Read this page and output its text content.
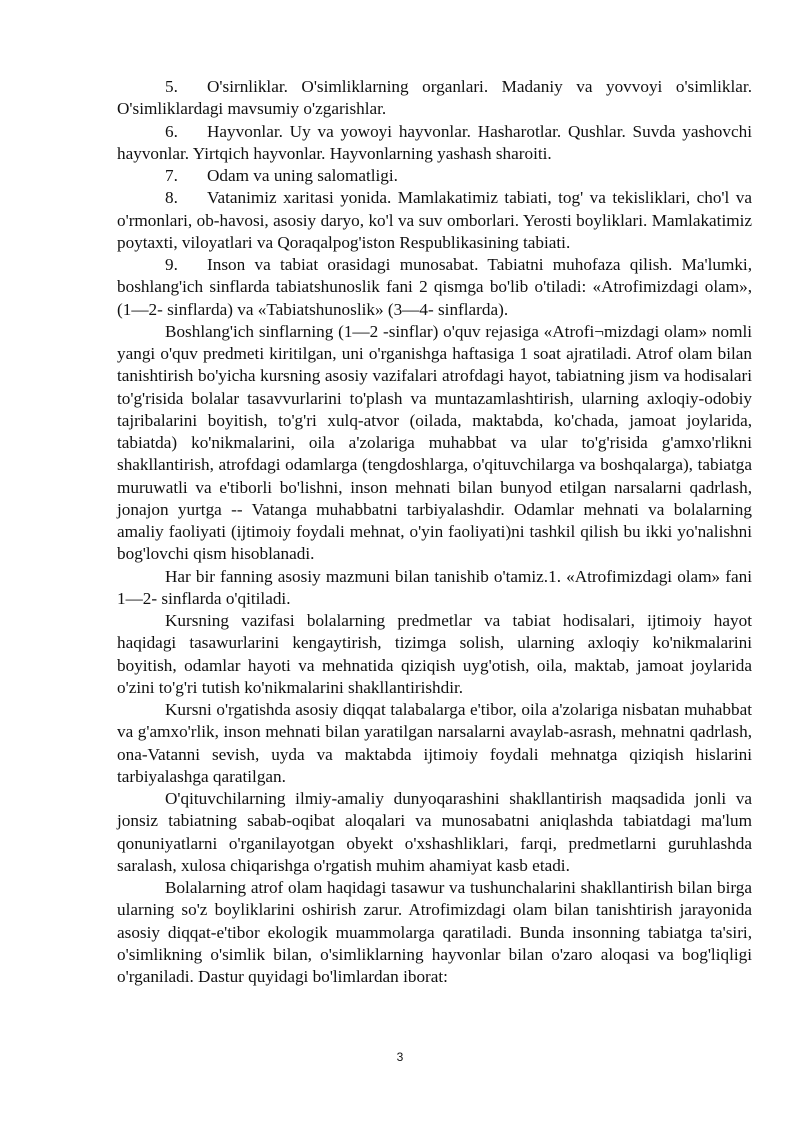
5. O'sirnliklar. O'simliklarning organlari. Madaniy va yovvoyi o'simliklar. O'simliklardagi mavsumiy o'zgarishlar.

6. Hayvonlar. Uy va yowoyi hayvonlar. Hasharotlar. Qushlar. Suvda yashovchi hayvonlar. Yirtqich hayvonlar. Hayvonlarning yashash sharoiti.

7. Odam va uning salomatligi.

8. Vatanimiz xaritasi yonida. Mamlakatimiz tabiati, tog' va tekisliklari, cho'l va o'rmonlari, ob-havosi, asosiy daryo, ko'l va suv omborlari. Yerosti boyliklari. Mamlakatimiz poytaxti, viloyatlari va Qoraqalpog'iston Respublikasining tabiati.

9. Inson va tabiat orasidagi munosabat. Tabiatni muhofaza qilish. Ma'lumki, boshlang'ich sinflarda tabiatshunoslik fani 2 qismga bo'lib o'tiladi: «Atrofimizdagi olam», (1—2- sinflarda) va «Tabiatshunoslik» (3—4- sinflarda).

Boshlang'ich sinflarning (1—2 -sinflar) o'quv rejasiga «Atrofi¬mizdagi olam» nomli yangi o'quv predmeti kiritilgan, uni o'rganishga haftasiga 1 soat ajratiladi. Atrof olam bilan tanishtirish bo'yicha kursning asosiy vazifalari atrofdagi hayot, tabiatning jism va hodisalari to'g'risida bolalar tasavvurlarini to'plash va muntazamlashtirish, ularning axloqiy-odobiy tajribalarini boyitish, to'g'ri xulq-atvor (oilada, maktabda, ko'chada, jamoat joylarida, tabiatda) ko'nikmalarini, oila a'zolariga muhabbat va ular to'g'risida g'amxo'rlikni shakllantirish, atrofdagi odamlarga (tengdoshlarga, o'qituvchilarga va boshqalarga), tabiatga muruwatli va e'tiborli bo'lishni, inson mehnati bilan bunyod etilgan narsalarni qadrlash, jonajon yurtga -- Vatanga muhabbatni tarbiyalashdir. Odamlar mehnati va bolalarning amaliy faoliyati (ijtimoiy foydali mehnat, o'yin faoliyati)ni tashkil qilish bu ikki yo'nalishni bog'lovchi qism hisoblanadi.

Har bir fanning asosiy mazmuni bilan tanishib o'tamiz.1. «Atrofimizdagi olam» fani 1—2- sinflarda o'qitiladi.

Kursning vazifasi bolalarning predmetlar va tabiat hodisalari, ijtimoiy hayot haqidagi tasawurlarini kengaytirish, tizimga solish, ularning axloqiy ko'nikmalarini boyitish, odamlar hayoti va mehnatida qiziqish uyg'otish, oila, maktab, jamoat joylarida o'zini to'g'ri tutish ko'nikmalarini shakllantirishdir.

Kursni o'rgatishda asosiy diqqat talabalarga e'tibor, oila a'zolariga nisbatan muhabbat va g'amxo'rlik, inson mehnati bilan yaratilgan narsalarni avaylab-asrash, mehnatni qadrlash, ona-Vatanni sevish, uyda va maktabda ijtimoiy foydali mehnatga qiziqish hislarini tarbiyalashga qaratilgan.

O'qituvchilarning ilmiy-amaliy dunyoqarashini shakllantirish maqsadida jonli va jonsiz tabiatning sabab-oqibat aloqalari va munosabatni aniqlashda tabiatdagi ma'lum qonuniyatlarni o'rganilayotgan obyekt o'xshashliklari, farqi, predmetlarni guruhlashda saralash, xulosa chiqarishga o'rgatish muhim ahamiyat kasb etadi.

Bolalarning atrof olam haqidagi tasawur va tushunchalarini shakllantirish bilan birga ularning so'z boyliklarini oshirish zarur. Atrofimizdagi olam bilan tanishtirish jarayonida asosiy diqqat-e'tibor ekologik muammolarga qaratiladi. Bunda insonning tabiatga ta'siri, o'simlikning o'simlik bilan, o'simliklarning hayvonlar bilan o'zaro aloqasi va bog'liqligi o'rganiladi. Dastur quyidagi bo'limlardan iborat:

3
